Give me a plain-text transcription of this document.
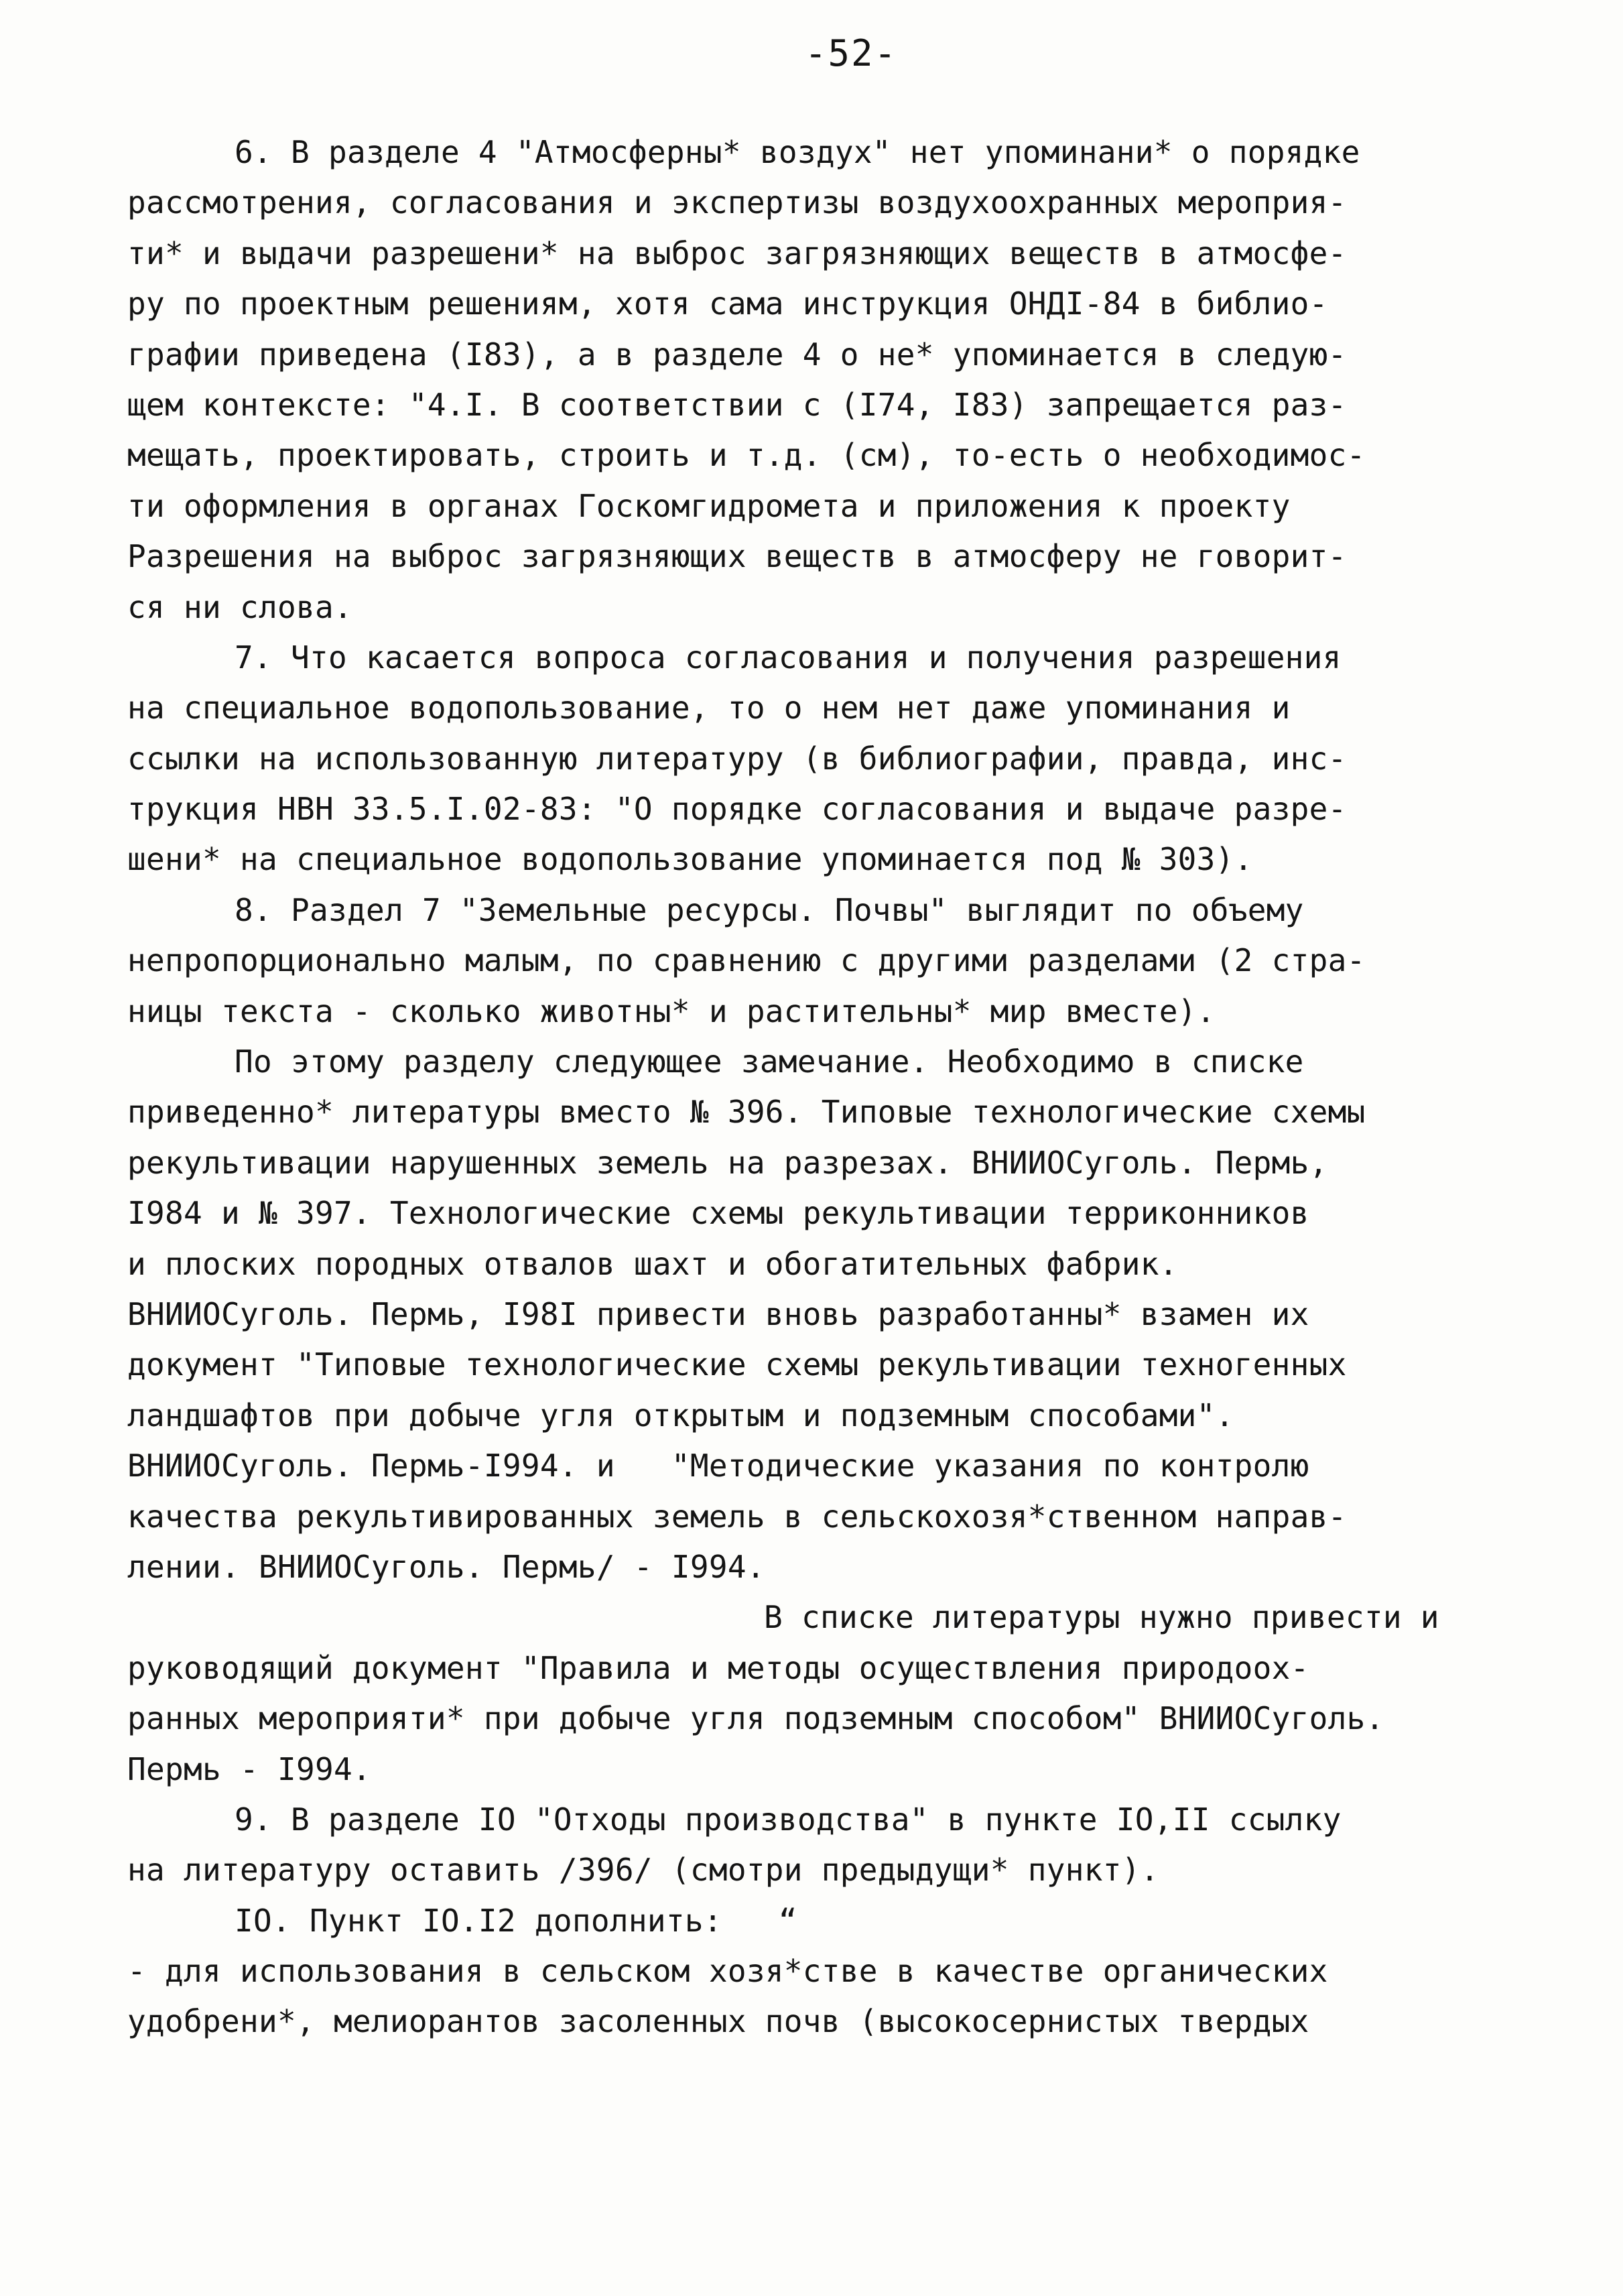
-52-
6. В разделе 4 "Атмосферны* воздух" нет упоминани* о порядке
рассмотрения, согласования и экспертизы воздухоохранных мероприя-
ти* и выдачи разрешени* на выброс загрязняющих веществ в атмосфе-
ру по проектным решениям, хотя сама инструкция ОНДI-84 в библио-
графии приведена (I83), а в разделе 4 о не* упоминается в следую-
щем контексте: "4.I. В соответствии с (I74, I83) запрещается раз-
мещать, проектировать, строить и т.д. (см), то-есть о необходимос-
ти оформления в органах Госкомгидромета и приложения к проекту
Разрешения на выброс загрязняющих веществ в атмосферу не говорит-
ся ни слова.
7. Что касается вопроса согласования и получения разрешения
на специальное водопользование, то о нем нет даже упоминания и
ссылки на использованную литературу (в библиографии, правда, инс-
трукция НВН 33.5.I.02-83: "О порядке согласования и выдаче разре-
шени* на специальное водопользование упоминается под № 303).
8. Раздел 7 "Земельные ресурсы. Почвы" выглядит по объему
непропорционально малым, по сравнению с другими разделами (2 стра-
ницы текста - сколько животны* и растительны* мир вместе).
По этому разделу следующее замечание. Необходимо в списке
приведенно* литературы вместо № 396. Типовые технологические схемы
рекультивации нарушенных земель на разрезах. ВНИИОСуголь. Пермь,
I984 и № 397. Технологические схемы рекультивации терриконников
и плоских породных отвалов шахт и обогатительных фабрик.
ВНИИОСуголь. Пермь, I98I привести вновь разработанны* взамен их
документ "Типовые технологические схемы рекультивации техногенных
ландшафтов при добыче угля открытым и подземным способами".
ВНИИОСуголь. Пермь-I994. и   "Методические указания по контролю
качества рекультивированных земель в сельскохозя*ственном направ-
лении. ВНИИОСуголь. Пермь/ - I994.
В списке литературы нужно привести и
руководящий документ "Правила и методы осуществления природоох-
ранных мероприяти* при добыче угля подземным способом" ВНИИОСуголь.
Пермь - I994.
9. В разделе IO "Отходы производства" в пункте IO,II ссылку
на литературу оставить /396/ (смотри предыдущи* пункт).
IO. Пункт IO.I2 дополнить:   “
- для использования в сельском хозя*стве в качестве органических
удобрени*, мелиорантов засоленных почв (высокосернистых твердых
